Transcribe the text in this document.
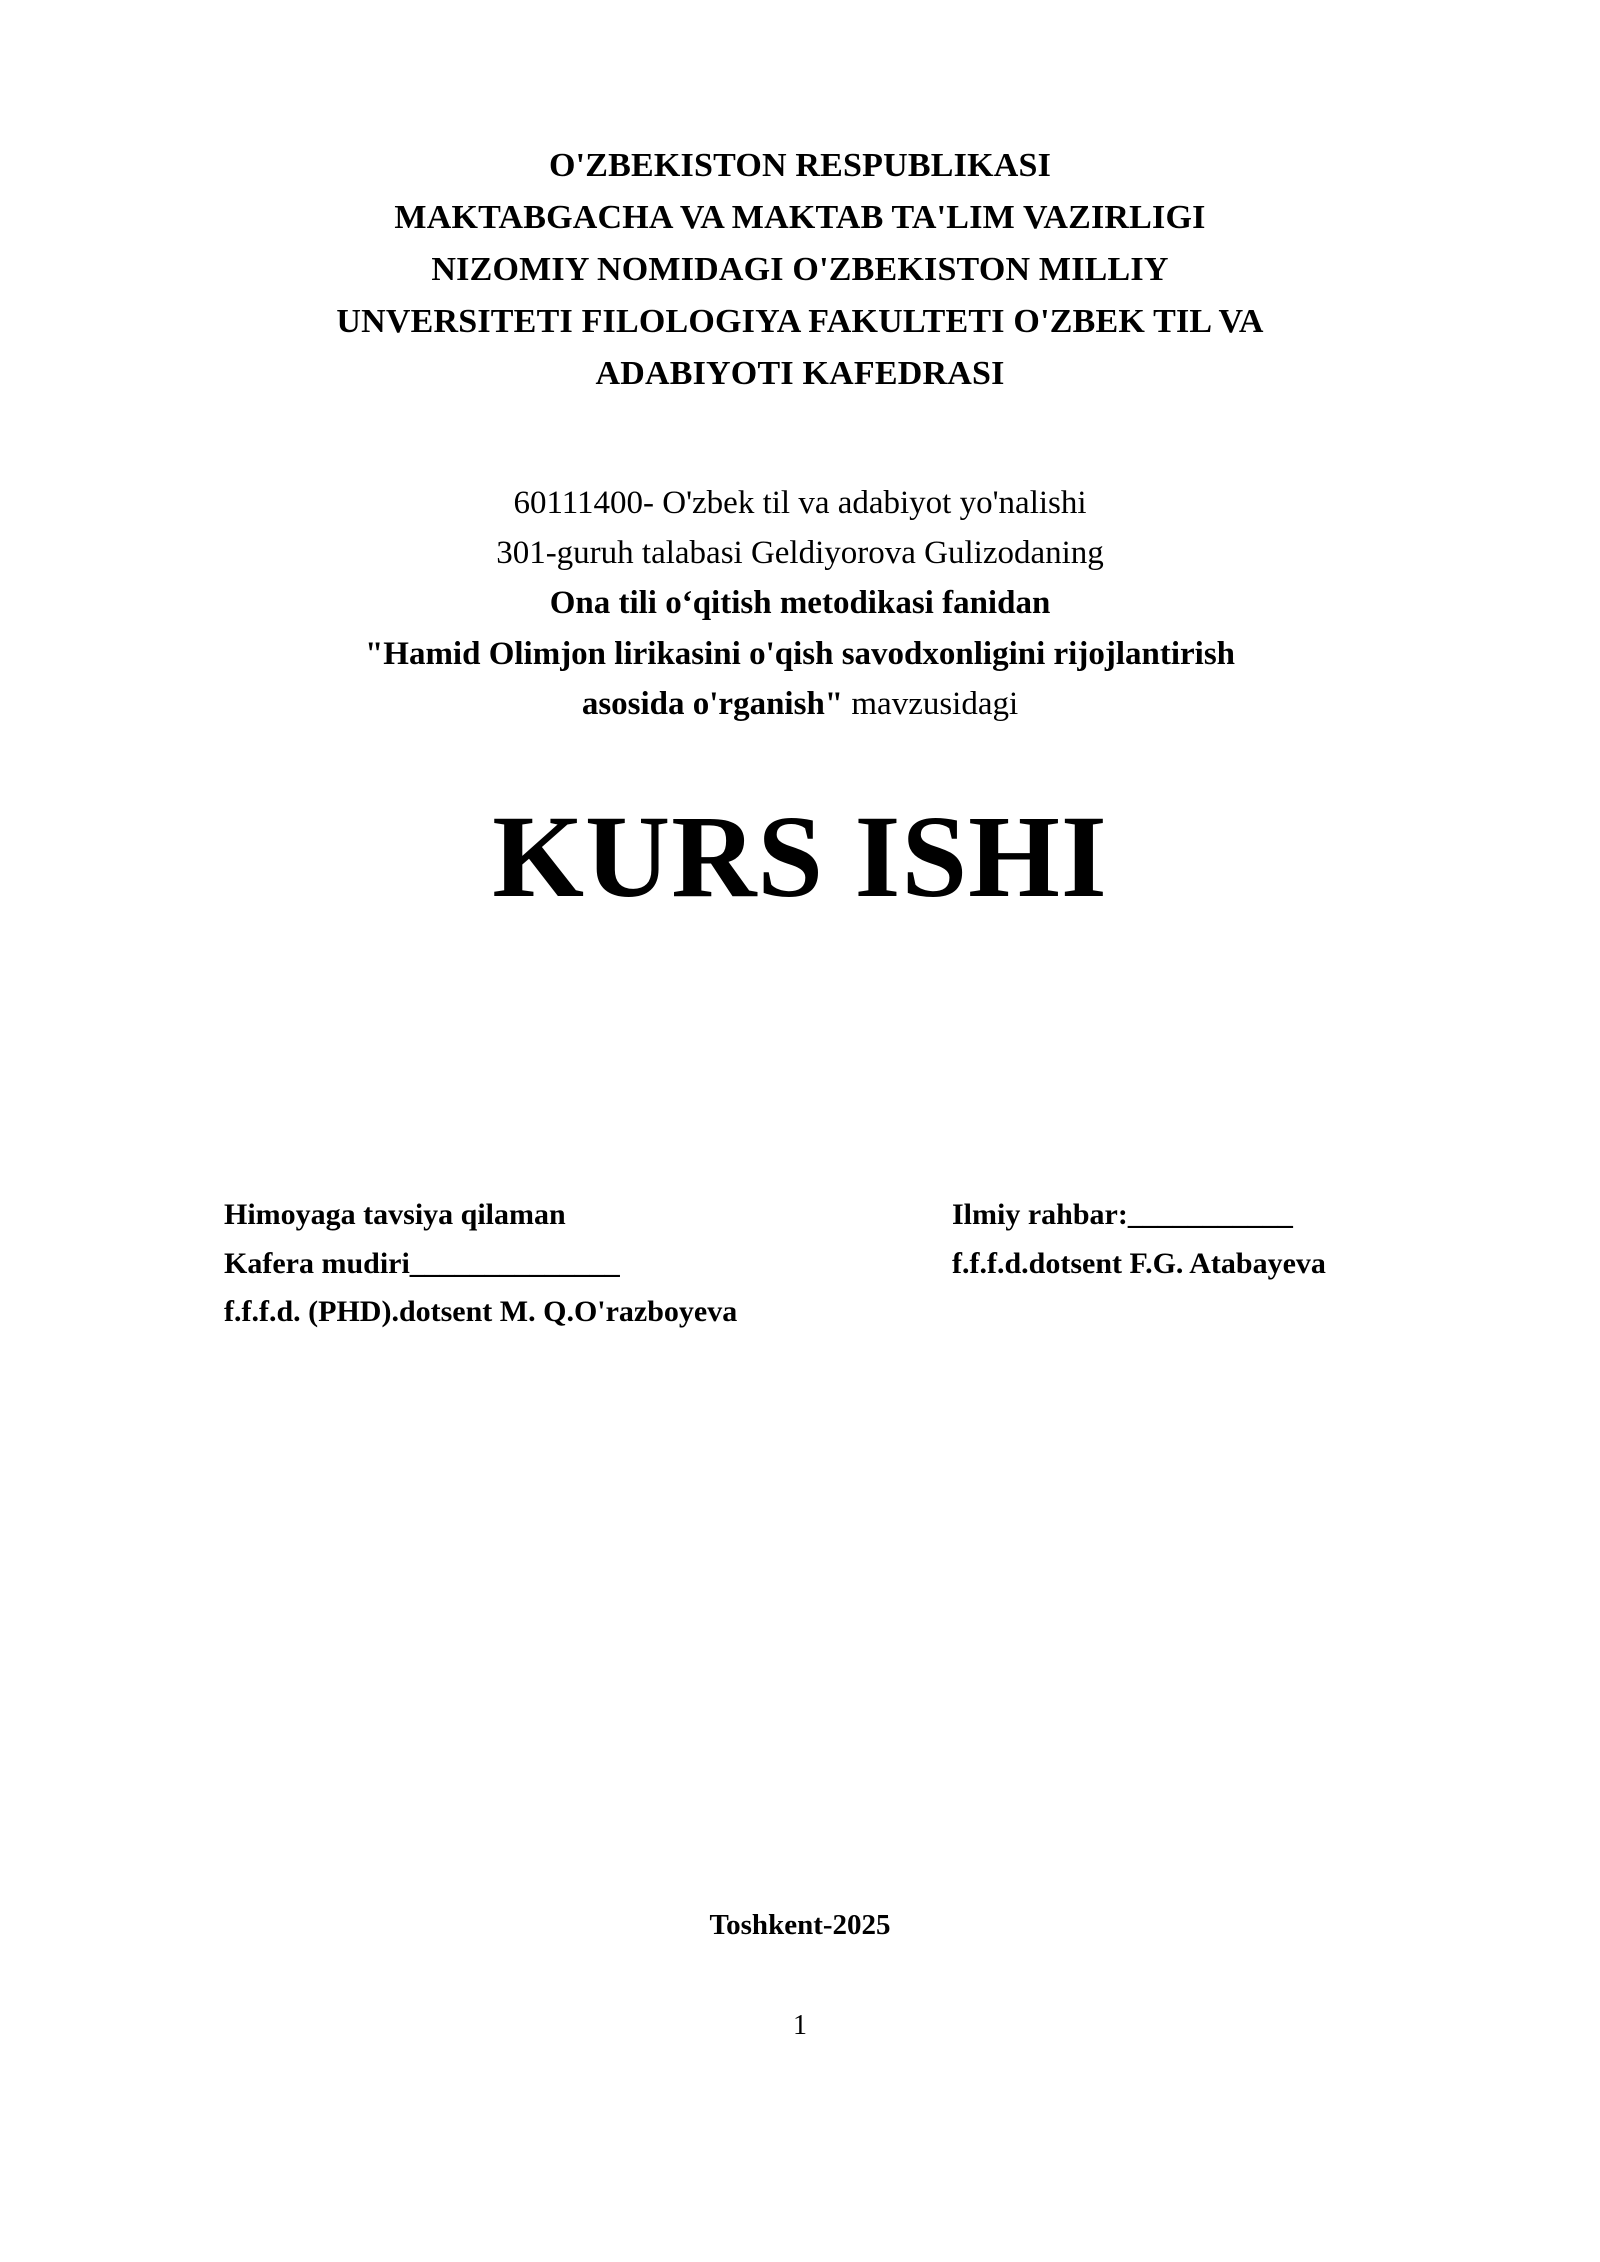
O'ZBEKISTON RESPUBLIKASI
MAKTABGACHA VA MAKTAB TA'LIM VAZIRLIGI
NIZOMIY NOMIDAGI O'ZBEKISTON MILLIY
UNVERSITETI FILOLOGIYA FAKULTETI O'ZBEK TIL VA
ADABIYOTI KAFEDRASI
60111400- O'zbek til va adabiyot yo'nalishi
301-guruh talabasi Geldiyorova Gulizodaning
Ona tili o‘qitish metodikasi fanidan
"Hamid Olimjon lirikasini o'qish savodxonligini rijojlantirish
asosida o'rganish" mavzusidagi
KURS ISHI
Himoyaga tavsiya qilaman
Kafera mudiri______________
f.f.f.d. (PHD).dotsent M. Q.O'razboyeva
Ilmiy rahbar:___________
f.f.f.d.dotsent F.G. Atabayeva
Toshkent-2025
1
